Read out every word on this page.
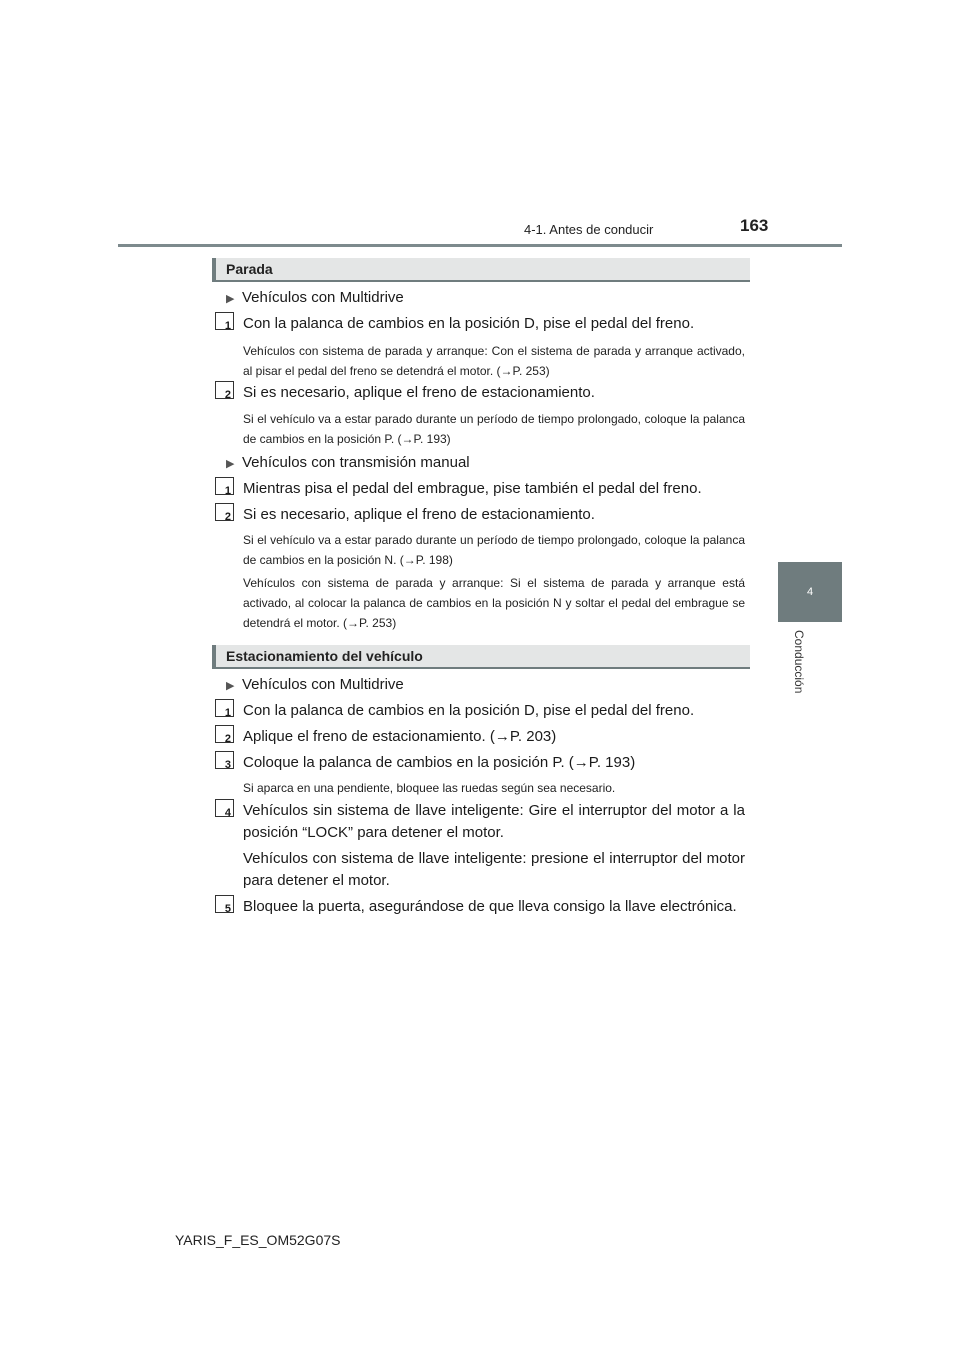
4-1. Antes de conducir	163
4
Conducción
Parada
▶ Vehículos con Multidrive
1 Con la palanca de cambios en la posición D, pise el pedal del freno.
Vehículos con sistema de parada y arranque: Con el sistema de parada y arranque activado, al pisar el pedal del freno se detendrá el motor. (→P. 253)
2 Si es necesario, aplique el freno de estacionamiento.
Si el vehículo va a estar parado durante un período de tiempo prolongado, coloque la palanca de cambios en la posición P. (→P. 193)
▶ Vehículos con transmisión manual
1 Mientras pisa el pedal del embrague, pise también el pedal del freno.
2 Si es necesario, aplique el freno de estacionamiento.
Si el vehículo va a estar parado durante un período de tiempo prolongado, coloque la palanca de cambios en la posición N. (→P. 198)
Vehículos con sistema de parada y arranque: Si el sistema de parada y arranque está activado, al colocar la palanca de cambios en la posición N y soltar el pedal del embrague se detendrá el motor. (→P. 253)
Estacionamiento del vehículo
▶ Vehículos con Multidrive
1 Con la palanca de cambios en la posición D, pise el pedal del freno.
2 Aplique el freno de estacionamiento. (→P. 203)
3 Coloque la palanca de cambios en la posición P. (→P. 193)
Si aparca en una pendiente, bloquee las ruedas según sea necesario.
4 Vehículos sin sistema de llave inteligente: Gire el interruptor del motor a la posición “LOCK” para detener el motor.
Vehículos con sistema de llave inteligente: presione el interruptor del motor para detener el motor.
5 Bloquee la puerta, asegurándose de que lleva consigo la llave electrónica.
YARIS_F_ES_OM52G07S
